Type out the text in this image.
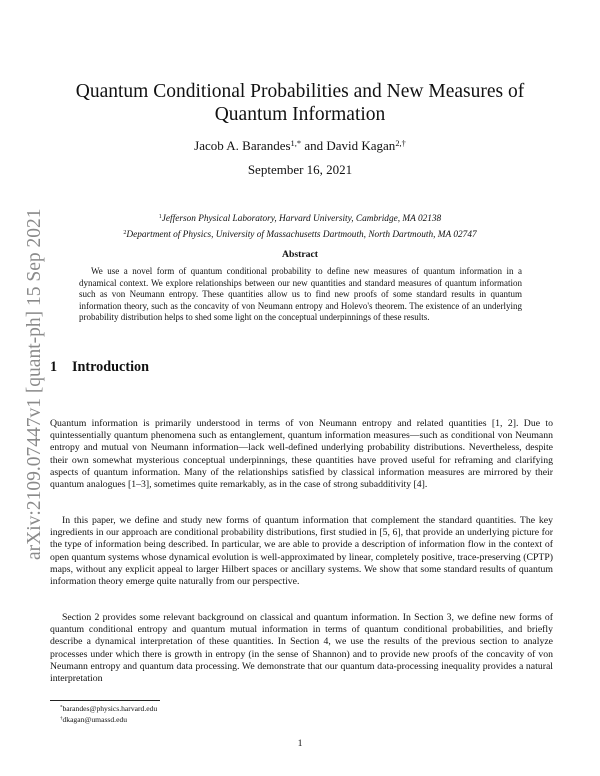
arXiv:2109.07447v1 [quant-ph] 15 Sep 2021
Quantum Conditional Probabilities and New Measures of Quantum Information
Jacob A. Barandes$^{1,*}$ and David Kagan$^{2,\dagger}$
September 16, 2021
$^1$Jefferson Physical Laboratory, Harvard University, Cambridge, MA 02138
$^2$Department of Physics, University of Massachusetts Dartmouth, North Dartmouth, MA 02747
Abstract
We use a novel form of quantum conditional probability to define new measures of quantum information in a dynamical context. We explore relationships between our new quantities and standard measures of quantum information such as von Neumann entropy. These quantities allow us to find new proofs of some standard results in quantum information theory, such as the concavity of von Neumann entropy and Holevo's theorem. The existence of an underlying probability distribution helps to shed some light on the conceptual underpinnings of these results.
1 Introduction

Quantum information is primarily understood in terms of von Neumann entropy and related quantities [1, 2]. Due to quintessentially quantum phenomena such as entanglement, quantum information measures—such as conditional von Neumann entropy and mutual von Neumann information—lack well-defined underlying probability distributions. Nevertheless, despite their own somewhat mysterious conceptual underpinnings, these quantities have proved useful for reframing and clarifying aspects of quantum information. Many of the relationships satisfied by classical information measures are mirrored by their quantum analogues [1–3], sometimes quite remarkably, as in the case of strong subadditivity [4].

In this paper, we define and study new forms of quantum information that complement the standard quantities. The key ingredients in our approach are conditional probability distributions, first studied in [5, 6], that provide an underlying picture for the type of information being described. In particular, we are able to provide a description of information flow in the context of open quantum systems whose dynamical evolution is well-approximated by linear, completely positive, trace-preserving (CPTP) maps, without any explicit appeal to larger Hilbert spaces or ancillary systems. We show that some standard results of quantum information theory emerge quite naturally from our perspective.

Section 2 provides some relevant background on classical and quantum information. In Section 3, we define new forms of quantum conditional entropy and quantum mutual information in terms of quantum conditional probabilities, and briefly describe a dynamical interpretation of these quantities. In Section 4, we use the results of the previous section to analyze processes under which there is growth in entropy (in the sense of Shannon) and to provide new proofs of the concavity of von Neumann entropy and quantum data processing. We demonstrate that our quantum data-processing inequality provides a natural interpretation

*barandes@physics.harvard.edu
†dkagan@umassd.edu
1
